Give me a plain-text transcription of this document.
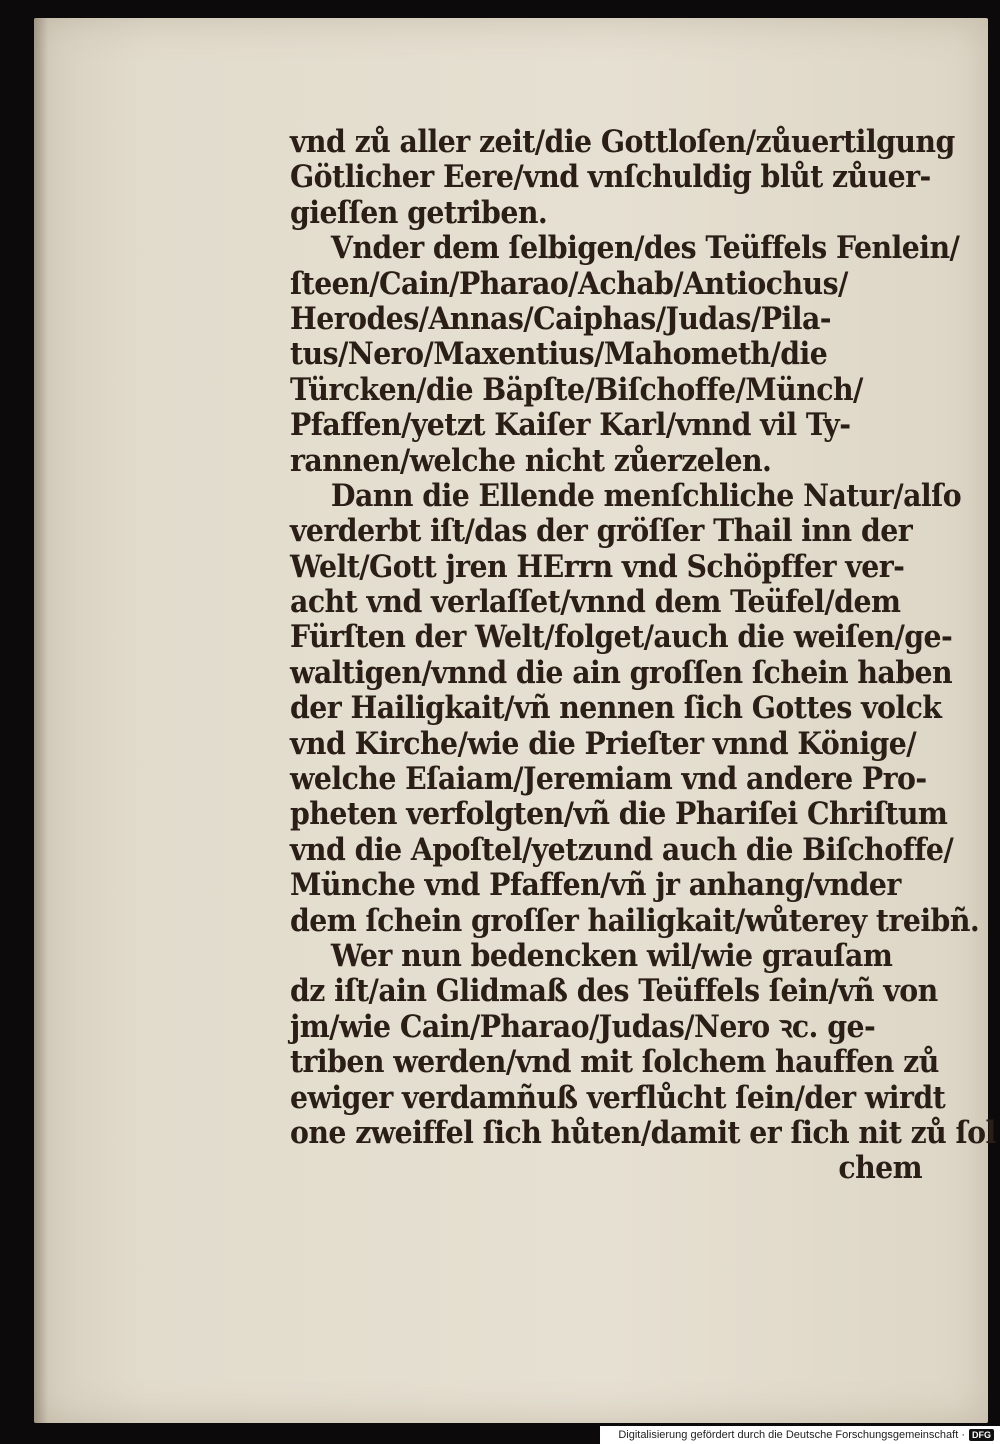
vnd zů aller zeit/die Gottloſen/zůuertilgung
Götlicher Eere/vnd vnſchuldig blůt zůuer-
gieſſen getriben.
Vnder dem ſelbigen/des Teüffels Fenlein/
ſteen/Cain/Pharao/Achab/Antiochus/
Herodes/Annas/Caiphas/Judas/Pila-
tus/Nero/Maxentius/Mahometh/die
Türcken/die Bäpſte/Biſchoffe/Münch/
Pfaffen/yetzt Kaiſer Karl/vnnd vil Ty-
rannen/welche nicht zůerzelen.
Dann die Ellende menſchliche Natur/alſo
verderbt iſt/das der gröſſer Thail inn der
Welt/Gott jren HErrn vnd Schöpffer ver-
acht vnd verlaſſet/vnnd dem Teüfel/dem
Fürſten der Welt/folget/auch die weiſen/ge-
waltigen/vnnd die ain groſſen ſchein haben
der Hailigkait/vñ nennen ſich Gottes volck
vnd Kirche/wie die Prieſter vnnd Könige/
welche Eſaiam/Jeremiam vnd andere Pro-
pheten verfolgten/vñ die Phariſei Chriſtum
vnd die Apoſtel/yetzund auch die Biſchoffe/
Münche vnd Pfaffen/vñ jr anhang/vnder
dem ſchein groſſer hailigkait/wůterey treibñ.
Wer nun bedencken wil/wie grauſam
dz iſt/ain Glidmaß des Teüffels ſein/vñ von
jm/wie Cain/Pharao/Judas/Nero ꝛc. ge-
triben werden/vnd mit ſolchem hauffen zů
ewiger verdamñuß verflůcht ſein/der wirdt
one zweiffel ſich hůten/damit er ſich nit zů ſol
chem
Digitalisierung gefördert durch die Deutsche Forschungsgemeinschaft · DFG
